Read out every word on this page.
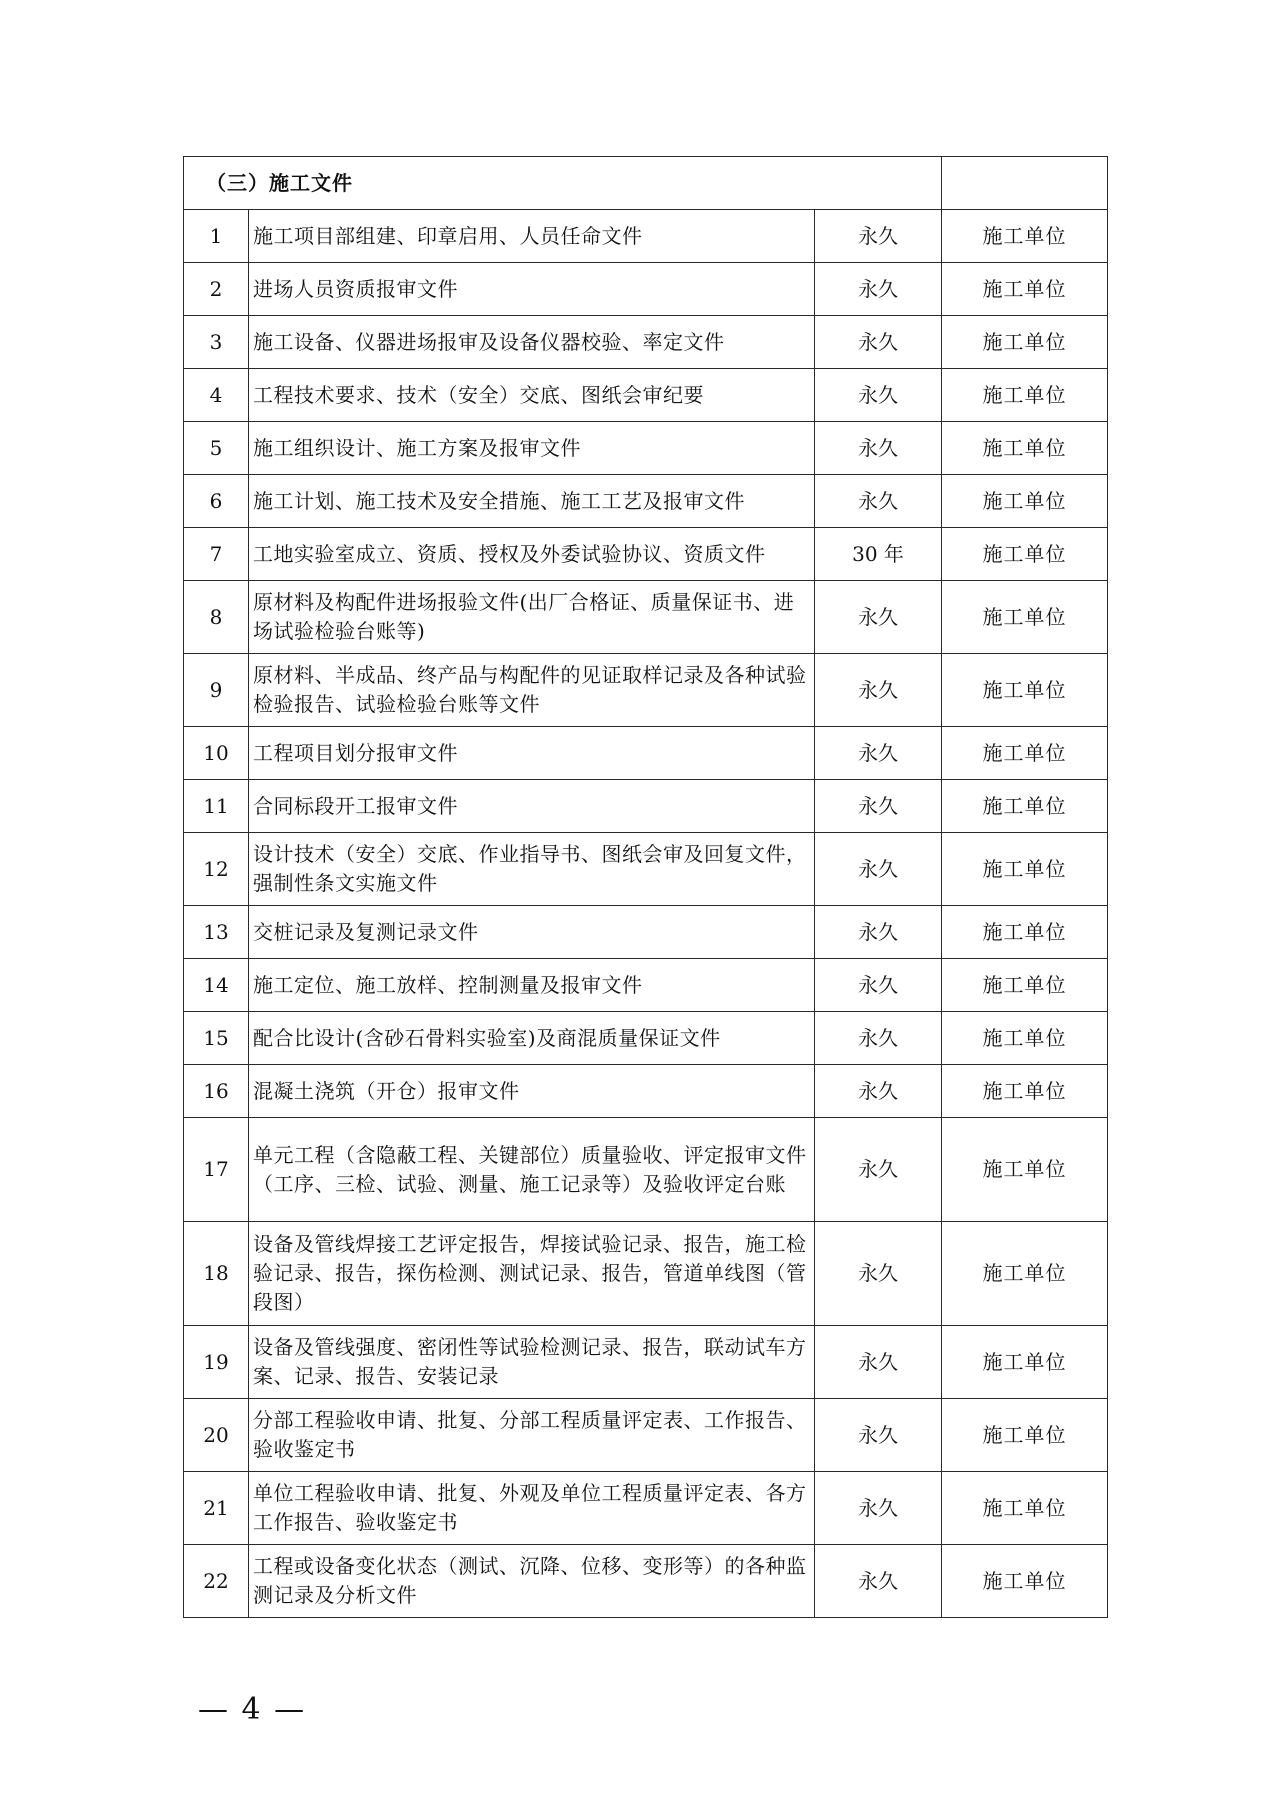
（三）施工文件			
1	施工项目部组建、印章启用、人员任命文件	永久	施工单位
2	进场人员资质报审文件	永久	施工单位
3	施工设备、仪器进场报审及设备仪器校验、率定文件	永久	施工单位
4	工程技术要求、技术（安全）交底、图纸会审纪要	永久	施工单位
5	施工组织设计、施工方案及报审文件	永久	施工单位
6	施工计划、施工技术及安全措施、施工工艺及报审文件	永久	施工单位
7	工地实验室成立、资质、授权及外委试验协议、资质文件	30 年	施工单位
8	原材料及构配件进场报验文件(出厂合格证、质量保证书、进场试验检验台账等)	永久	施工单位
9	原材料、半成品、终产品与构配件的见证取样记录及各种试验检验报告、试验检验台账等文件	永久	施工单位
10	工程项目划分报审文件	永久	施工单位
11	合同标段开工报审文件	永久	施工单位
12	设计技术（安全）交底、作业指导书、图纸会审及回复文件，强制性条文实施文件	永久	施工单位
13	交桩记录及复测记录文件	永久	施工单位
14	施工定位、施工放样、控制测量及报审文件	永久	施工单位
15	配合比设计(含砂石骨料实验室)及商混质量保证文件	永久	施工单位
16	混凝土浇筑（开仓）报审文件	永久	施工单位
17	单元工程（含隐蔽工程、关键部位）质量验收、评定报审文件（工序、三检、试验、测量、施工记录等）及验收评定台账	永久	施工单位
18	设备及管线焊接工艺评定报告，焊接试验记录、报告，施工检验记录、报告，探伤检测、测试记录、报告，管道单线图（管段图）	永久	施工单位
19	设备及管线强度、密闭性等试验检测记录、报告，联动试车方案、记录、报告、安装记录	永久	施工单位
20	分部工程验收申请、批复、分部工程质量评定表、工作报告、验收鉴定书	永久	施工单位
21	单位工程验收申请、批复、外观及单位工程质量评定表、各方工作报告、验收鉴定书	永久	施工单位
22	工程或设备变化状态（测试、沉降、位移、变形等）的各种监测记录及分析文件	永久	施工单位
— 4 —
